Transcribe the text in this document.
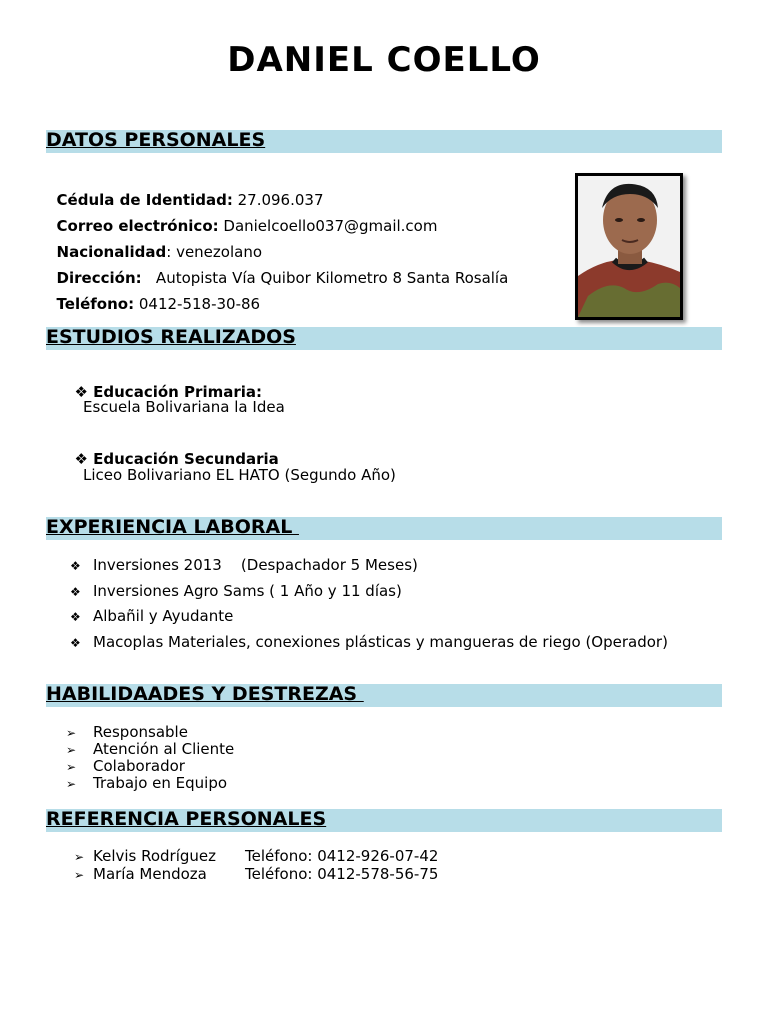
DANIEL COELLO
DATOS PERSONALES

Cédula de Identidad: 27.096.037

Correo electrónico: Danielcoello037@gmail.com

Nacionalidad: venezolano

Dirección:   Autopista Vía Quibor Kilometro 8 Santa Rosalía

Teléfono: 0412-518-30-86

ESTUDIOS REALIZADOS

❖ Educación Primaria:

Escuela Bolivariana la Idea

❖ Educación Secundaria

Liceo Bolivariano EL HATO (Segundo Año)
EXPERIENCIA LABORAL
❖ Inversiones 2013    (Despachador 5 Meses)
❖ Inversiones Agro Sams ( 1 Año y 11 días)
❖ Albañil y Ayudante
❖ Macoplas Materiales, conexiones plásticas y mangueras de riego (Operador)
HABILIDAADES Y DESTREZAS
➢ Responsable
➢ Atención al Cliente
➢ Colaborador
➢ Trabajo en Equipo
REFERENCIA PERSONALES
➢ Kelvis Rodríguez Teléfono: 0412-926-07-42
➢ María Mendoza	Teléfono: 0412-578-56-75
